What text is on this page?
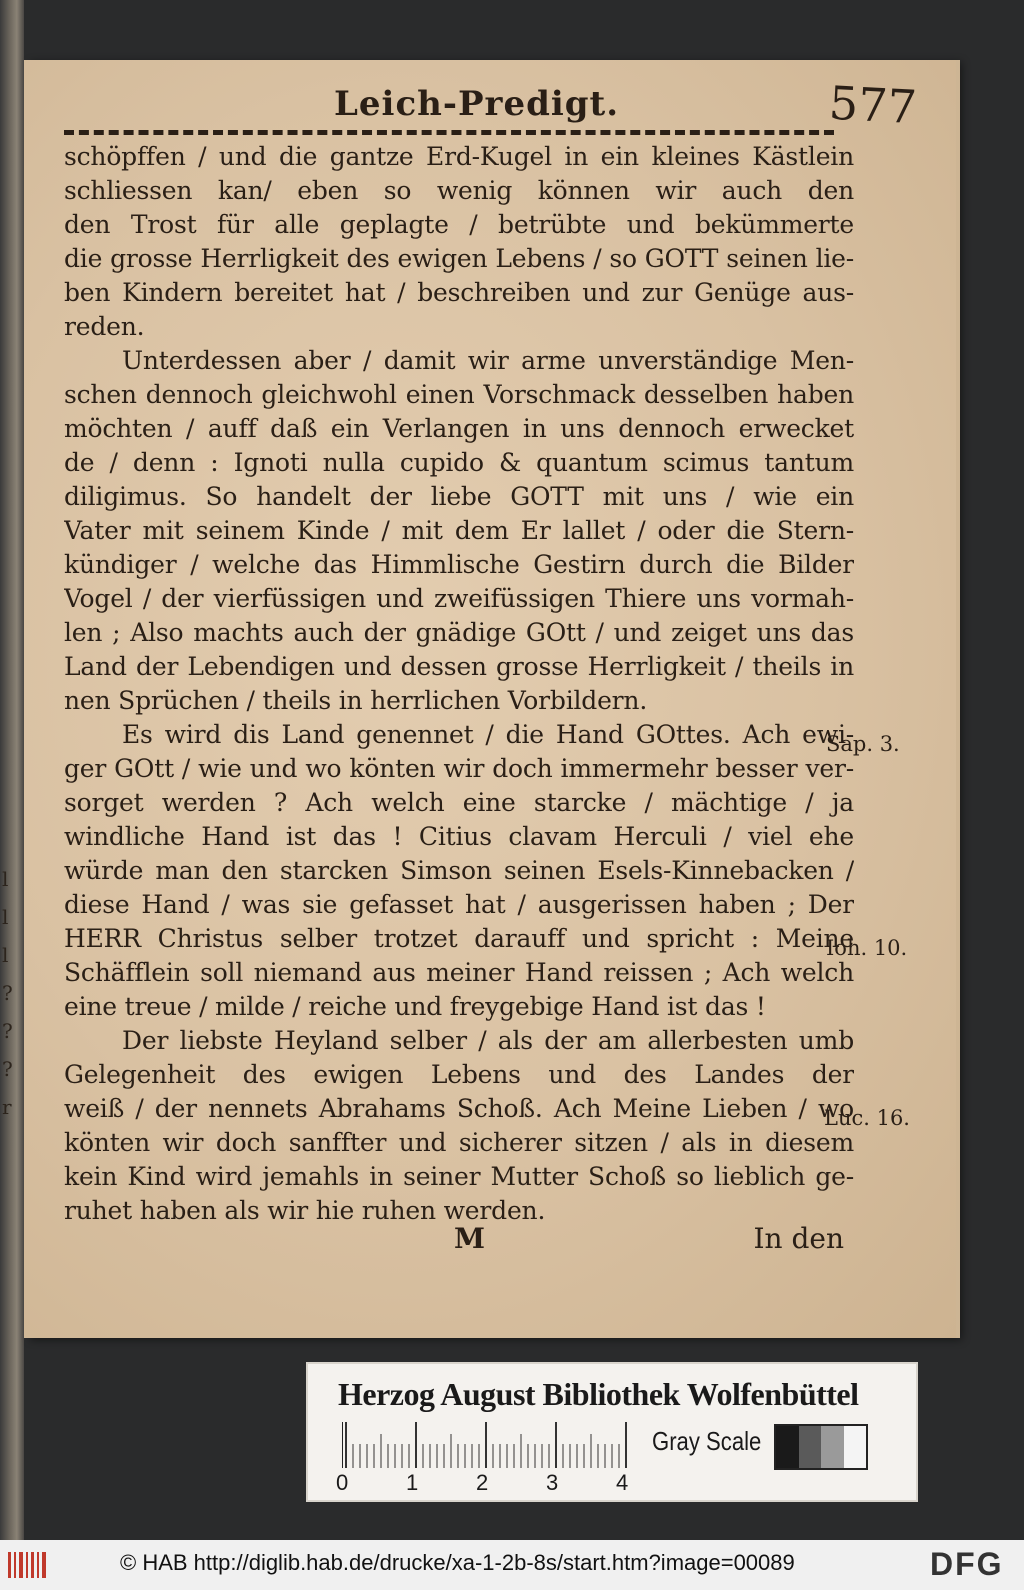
l
l
l
?
?
?
r
Leich-Predigt.	577
schöpffen / und die gantze Erd-Kugel in ein kleines Kästlein
schliessen kan/ eben so wenig können wir auch den
den Trost für alle geplagte / betrübte und bekümmerte
die grosse Herrligkeit des ewigen Lebens / so GOTT seinen lie-
ben Kindern bereitet hat / beschreiben und zur Genüge aus-
reden.
Unterdessen aber / damit wir arme unverständige Men-
schen dennoch gleichwohl einen Vorschmack desselben haben
möchten / auff daß ein Verlangen in uns dennoch erwecket
de / denn : Ignoti nulla cupido & quantum scimus tantum
diligimus. So handelt der liebe GOTT mit uns / wie ein
Vater mit seinem Kinde / mit dem Er lallet / oder die Stern-
kündiger / welche das Himmlische Gestirn durch die Bilder
Vogel / der vierfüssigen und zweifüssigen Thiere uns vormah-
len ; Also machts auch der gnädige GOtt / und zeiget uns das
Land der Lebendigen und dessen grosse Herrligkeit / theils in
nen Sprüchen / theils in herrlichen Vorbildern.
Es wird dis Land genennet / die Hand GOttes. Ach ewi-
ger GOtt / wie und wo könten wir doch immermehr besser ver-
sorget werden ? Ach welch eine starcke / mächtige / ja
windliche Hand ist das ! Citius clavam Herculi / viel ehe
würde man den starcken Simson seinen Esels-Kinnebacken /
diese Hand / was sie gefasset hat / ausgerissen haben ; Der
HERR Christus selber trotzet darauff und spricht : Meine
Schäfflein soll niemand aus meiner Hand reissen ; Ach welch
eine treue / milde / reiche und freygebige Hand ist das !
Der liebste Heyland selber / als der am allerbesten umb
Gelegenheit des ewigen Lebens und des Landes der
weiß / der nennets Abrahams Schoß. Ach Meine Lieben / wo
könten wir doch sanffter und sicherer sitzen / als in diesem
kein Kind wird jemahls in seiner Mutter Schoß so lieblich ge-
ruhet haben als wir hie ruhen werden.
M	In den
Sap. 3.
Ioh. 10.
Luc. 16.
Herzog August Bibliothek Wolfenbüttel
0	1	2	3	4
Gray Scale
© HAB http://diglib.hab.de/drucke/xa-1-2b-8s/start.htm?image=00089	DFG
